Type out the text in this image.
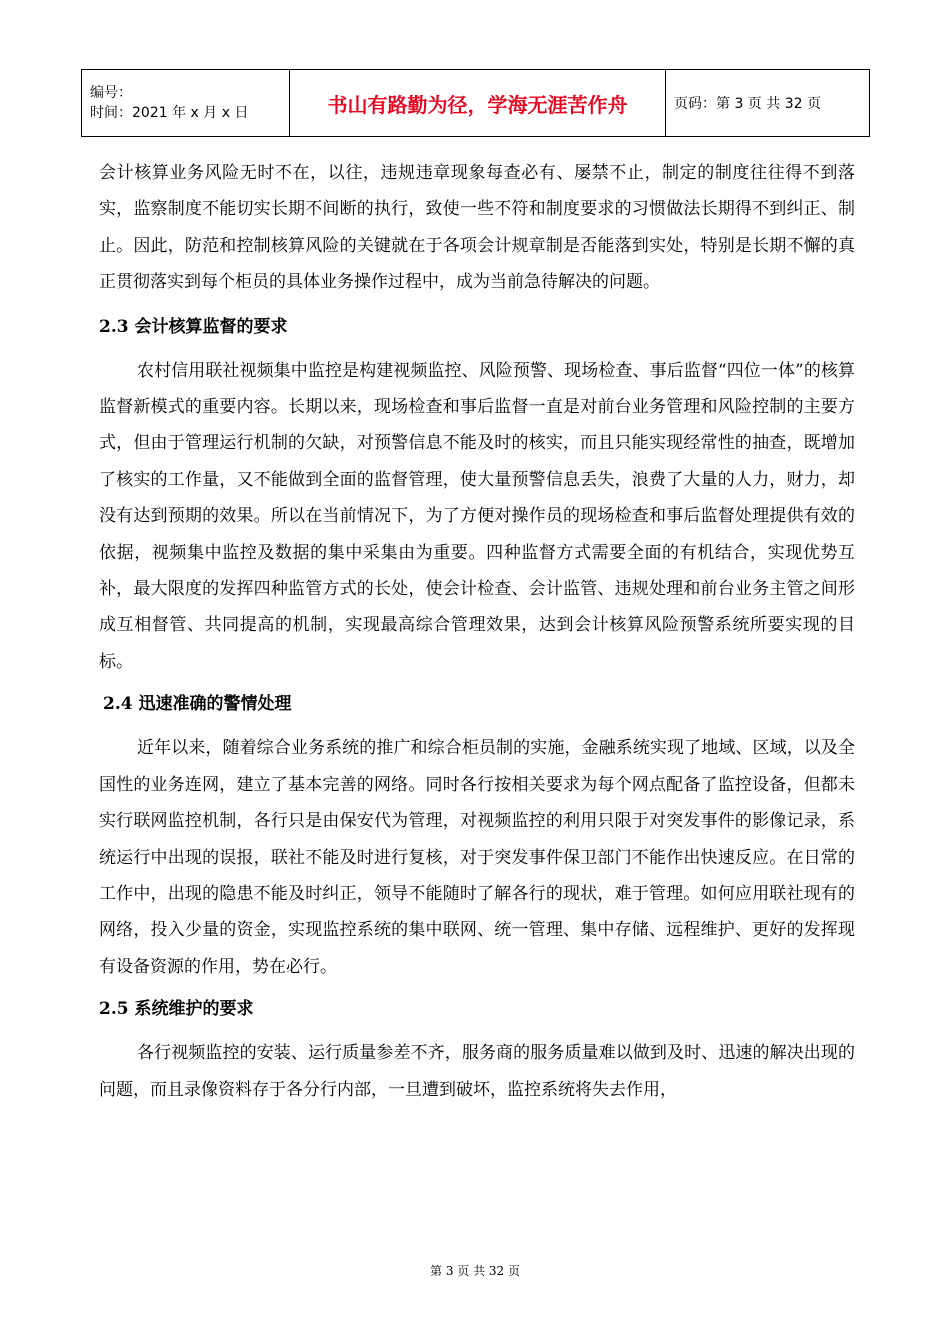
编号：
时间：2021 年 x 月 x 日	书山有路勤为径，学海无涯苦作舟	页码：第 3 页 共 32 页

会计核算业务风险无时不在，以往，违规违章现象每查必有、屡禁不止，制定的制度往往得不到落实，监察制度不能切实长期不间断的执行，致使一些不符和制度要求的习惯做法长期得不到纠正、制止。因此，防范和控制核算风险的关键就在于各项会计规章制是否能落到实处，特别是长期不懈的真正贯彻落实到每个柜员的具体业务操作过程中，成为当前急待解决的问题。

2.3 会计核算监督的要求

农村信用联社视频集中监控是构建视频监控、风险预警、现场检查、事后监督“四位一体”的核算监督新模式的重要内容。长期以来，现场检查和事后监督一直是对前台业务管理和风险控制的主要方式，但由于管理运行机制的欠缺，对预警信息不能及时的核实，而且只能实现经常性的抽查，既增加了核实的工作量，又不能做到全面的监督管理，使大量预警信息丢失，浪费了大量的人力，财力，却没有达到预期的效果。所以在当前情况下，为了方便对操作员的现场检查和事后监督处理提供有效的依据，视频集中监控及数据的集中采集由为重要。四种监督方式需要全面的有机结合，实现优势互补，最大限度的发挥四种监管方式的长处，使会计检查、会计监管、违规处理和前台业务主管之间形成互相督管、共同提高的机制，实现最高综合管理效果，达到会计核算风险预警系统所要实现的目标。

2.4 迅速准确的警情处理

近年以来，随着综合业务系统的推广和综合柜员制的实施，金融系统实现了地域、区域，以及全国性的业务连网，建立了基本完善的网络。同时各行按相关要求为每个网点配备了监控设备，但都未实行联网监控机制，各行只是由保安代为管理，对视频监控的利用只限于对突发事件的影像记录，系统运行中出现的误报，联社不能及时进行复核，对于突发事件保卫部门不能作出快速反应。在日常的工作中，出现的隐患不能及时纠正，领导不能随时了解各行的现状，难于管理。如何应用联社现有的网络，投入少量的资金，实现监控系统的集中联网、统一管理、集中存储、远程维护、更好的发挥现有设备资源的作用，势在必行。

2.5 系统维护的要求

各行视频监控的安装、运行质量参差不齐，服务商的服务质量难以做到及时、迅速的解决出现的问题，而且录像资料存于各分行内部，一旦遭到破坏，监控系统将失去作用，

第 3 页 共 32 页
